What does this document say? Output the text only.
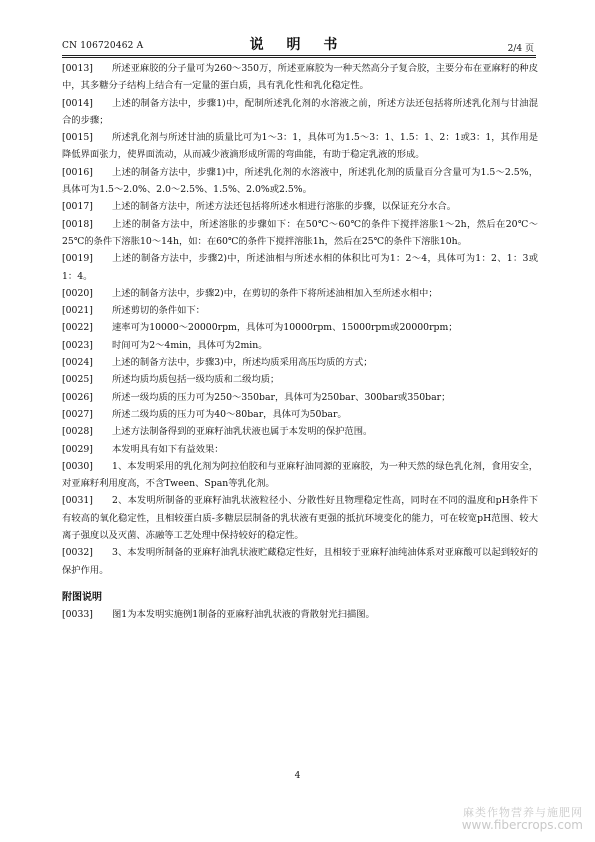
CN 106720462 A	说 明 书	2/4 页
[0013] 所述亚麻胶的分子量可为260～350万，所述亚麻胶为一种天然高分子复合胶，主要分布在亚麻籽的种皮中，其多糖分子结构上结合有一定量的蛋白质，具有乳化性和乳化稳定性。
[0014] 上述的制备方法中，步骤1)中，配制所述乳化剂的水溶液之前，所述方法还包括将所述乳化剂与甘油混合的步骤；
[0015] 所述乳化剂与所述甘油的质量比可为1～3：1，具体可为1.5～3：1、1.5：1、2：1或3：1，其作用是降低界面张力，使界面流动，从而减少液滴形成所需的弯曲能，有助于稳定乳液的形成。
[0016] 上述的制备方法中，步骤1)中，所述乳化剂的水溶液中，所述乳化剂的质量百分含量可为1.5～2.5%，具体可为1.5～2.0%、2.0～2.5%、1.5%、2.0%或2.5%。
[0017] 上述的制备方法中，所述方法还包括将所述水相进行溶胀的步骤，以保证充分水合。
[0018] 上述的制备方法中，所述溶胀的步骤如下：在50℃～60℃的条件下搅拌溶胀1～2h，然后在20℃～25℃的条件下溶胀10～14h，如：在60℃的条件下搅拌溶胀1h，然后在25℃的条件下溶胀10h。
[0019] 上述的制备方法中，步骤2)中，所述油相与所述水相的体积比可为1：2～4，具体可为1：2、1：3或1：4。
[0020] 上述的制备方法中，步骤2)中，在剪切的条件下将所述油相加入至所述水相中；
[0021] 所述剪切的条件如下：
[0022] 速率可为10000～20000rpm，具体可为10000rpm、15000rpm或20000rpm；
[0023] 时间可为2～4min，具体可为2min。
[0024] 上述的制备方法中，步骤3)中，所述均质采用高压均质的方式；
[0025] 所述均质均质包括一级均质和二级均质；
[0026] 所述一级均质的压力可为250～350bar，具体可为250bar、300bar或350bar；
[0027] 所述二级均质的压力可为40～80bar，具体可为50bar。
[0028] 上述方法制备得到的亚麻籽油乳状液也属于本发明的保护范围。
[0029] 本发明具有如下有益效果：
[0030] 1、本发明采用的乳化剂为阿拉伯胶和与亚麻籽油同源的亚麻胶，为一种天然的绿色乳化剂，食用安全，对亚麻籽利用度高，不含Tween、Span等乳化剂。
[0031] 2、本发明所制备的亚麻籽油乳状液粒径小、分散性好且物理稳定性高，同时在不同的温度和pH条件下有较高的氧化稳定性，且相较蛋白质-多糖层层制备的乳状液有更强的抵抗环境变化的能力，可在较宽pH范围、较大离子强度以及灭菌、冻融等工艺处理中保持较好的稳定性。
[0032] 3、本发明所制备的亚麻籽油乳状液贮藏稳定性好，且相较于亚麻籽油纯油体系对亚麻酸可以起到较好的保护作用。
附图说明
[0033] 图1为本发明实施例1制备的亚麻籽油乳状液的背散射光扫描图。
4
麻类作物营养与施肥网
www.fibercrops.com
